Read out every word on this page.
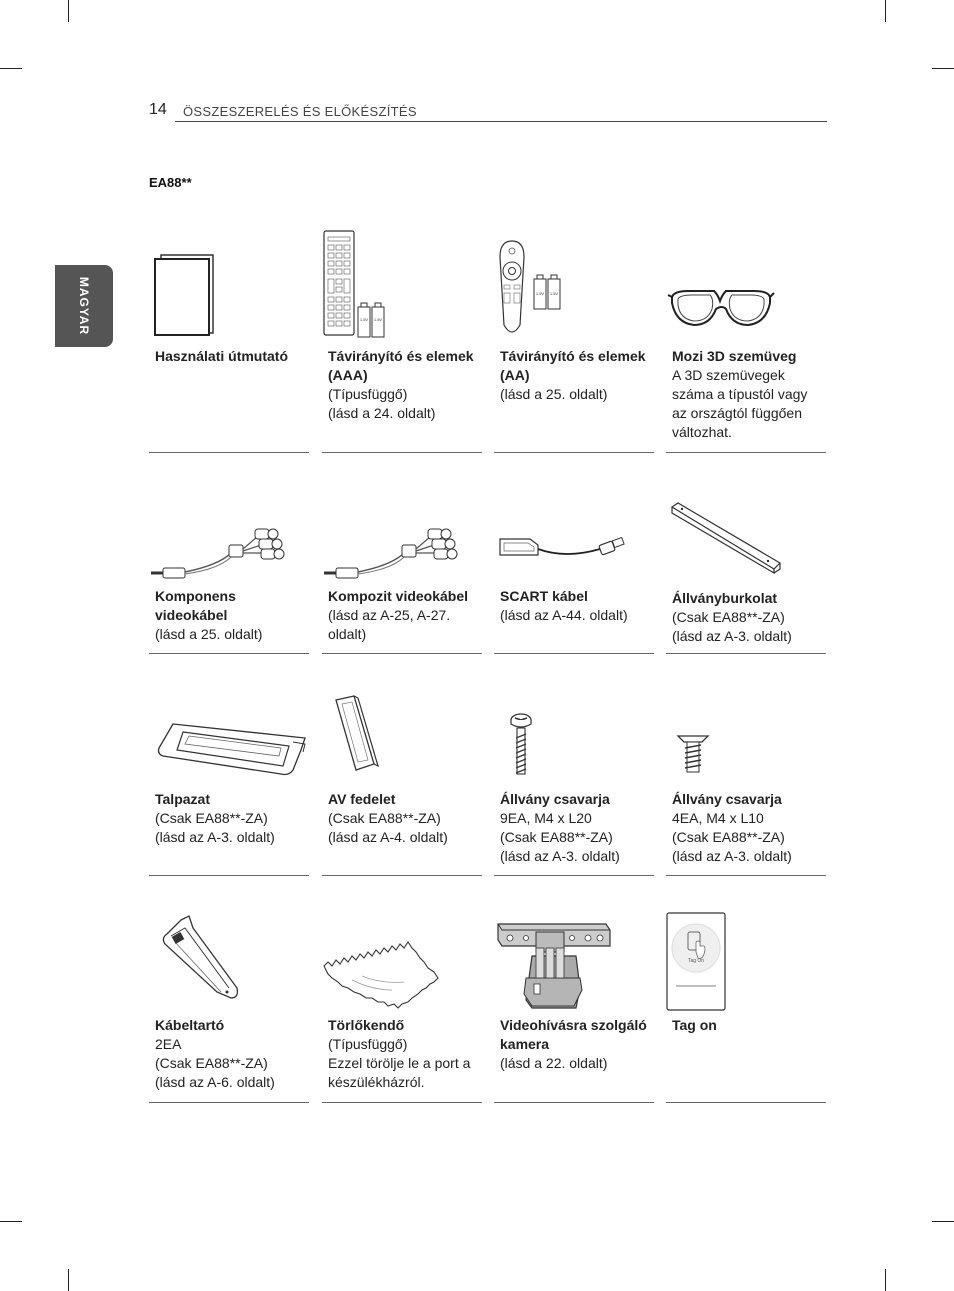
14 ÖSSZESZERELÉS ÉS ELŐKÉSZÍTÉS
MAGYAR
EA88**
Használati útmutató
1.5V 1.5V
Távirányító és elemek (AAA)
(Típusfüggő)
(lásd a 24. oldalt)
1.5V 1.5V
Távirányító és elemek (AA)
(lásd a 25. oldalt)
Mozi 3D szemüveg
A 3D szemüvegek száma a típustól vagy az országtól függően változhat.
Komponens videokábel
(lásd a 25. oldalt)
Kompozit videokábel
(lásd az A-25, A-27. oldalt)
SCART kábel
(lásd az A-44. oldalt)
Állványburkolat
(Csak EA88**-ZA)
(lásd az A-3. oldalt)
Talpazat
(Csak EA88**-ZA)
(lásd az A-3. oldalt)
AV fedelet
(Csak EA88**-ZA)
(lásd az A-4. oldalt)
Állvány csavarja
9EA, M4 x L20
(Csak EA88**-ZA)
(lásd az A-3. oldalt)
Állvány csavarja
4EA, M4 x L10
(Csak EA88**-ZA)
(lásd az A-3. oldalt)
Kábeltartó
2EA
(Csak EA88**-ZA)
(lásd az A-6. oldalt)
Törlőkendő
(Típusfüggő)
Ezzel törölje le a port a készülékházról.
Videohívásra szolgáló kamera
(lásd a 22. oldalt)
Tag On
Tag on
